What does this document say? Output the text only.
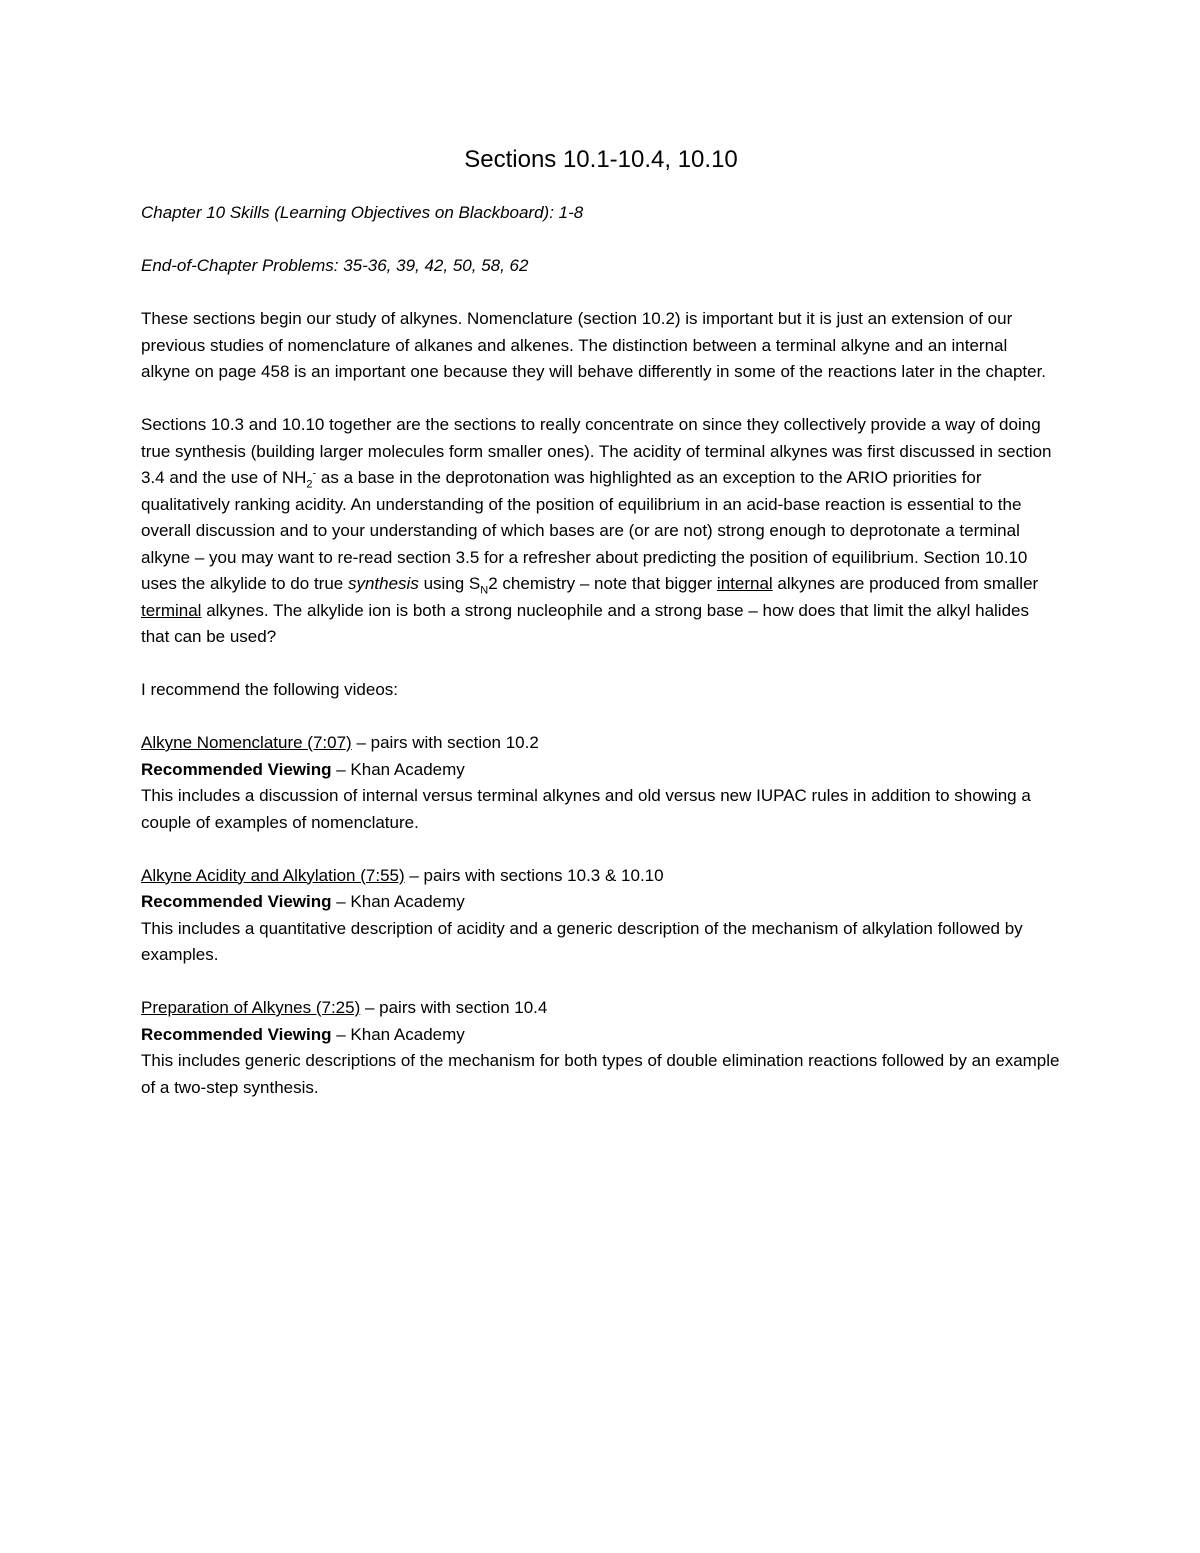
Sections 10.1-10.4, 10.10

Chapter 10 Skills (Learning Objectives on Blackboard): 1-8

End-of-Chapter Problems: 35-36, 39, 42, 50, 58, 62

These sections begin our study of alkynes. Nomenclature (section 10.2) is important but it is just an extension of our previous studies of nomenclature of alkanes and alkenes. The distinction between a terminal alkyne and an internal alkyne on page 458 is an important one because they will behave differently in some of the reactions later in the chapter.

Sections 10.3 and 10.10 together are the sections to really concentrate on since they collectively provide a way of doing true synthesis (building larger molecules form smaller ones). The acidity of terminal alkynes was first discussed in section 3.4 and the use of $NH_2^-$ as a base in the deprotonation was highlighted as an exception to the ARIO priorities for qualitatively ranking acidity. An understanding of the position of equilibrium in an acid-base reaction is essential to the overall discussion and to your understanding of which bases are (or are not) strong enough to deprotonate a terminal alkyne – you may want to re-read section 3.5 for a refresher about predicting the position of equilibrium. Section 10.10 uses the alkylide to do true synthesis using $S_N2$ chemistry – note that bigger internal alkynes are produced from smaller terminal alkynes. The alkylide ion is both a strong nucleophile and a strong base – how does that limit the alkyl halides that can be used?

I recommend the following videos:

Alkyne Nomenclature (7:07) – pairs with section 10.2

Recommended Viewing – Khan Academy

This includes a discussion of internal versus terminal alkynes and old versus new IUPAC rules in addition to showing a couple of examples of nomenclature.

Alkyne Acidity and Alkylation (7:55) – pairs with sections 10.3 & 10.10

Recommended Viewing – Khan Academy

This includes a quantitative description of acidity and a generic description of the mechanism of alkylation followed by examples.

Preparation of Alkynes (7:25) – pairs with section 10.4

Recommended Viewing – Khan Academy

This includes generic descriptions of the mechanism for both types of double elimination reactions followed by an example of a two-step synthesis.
